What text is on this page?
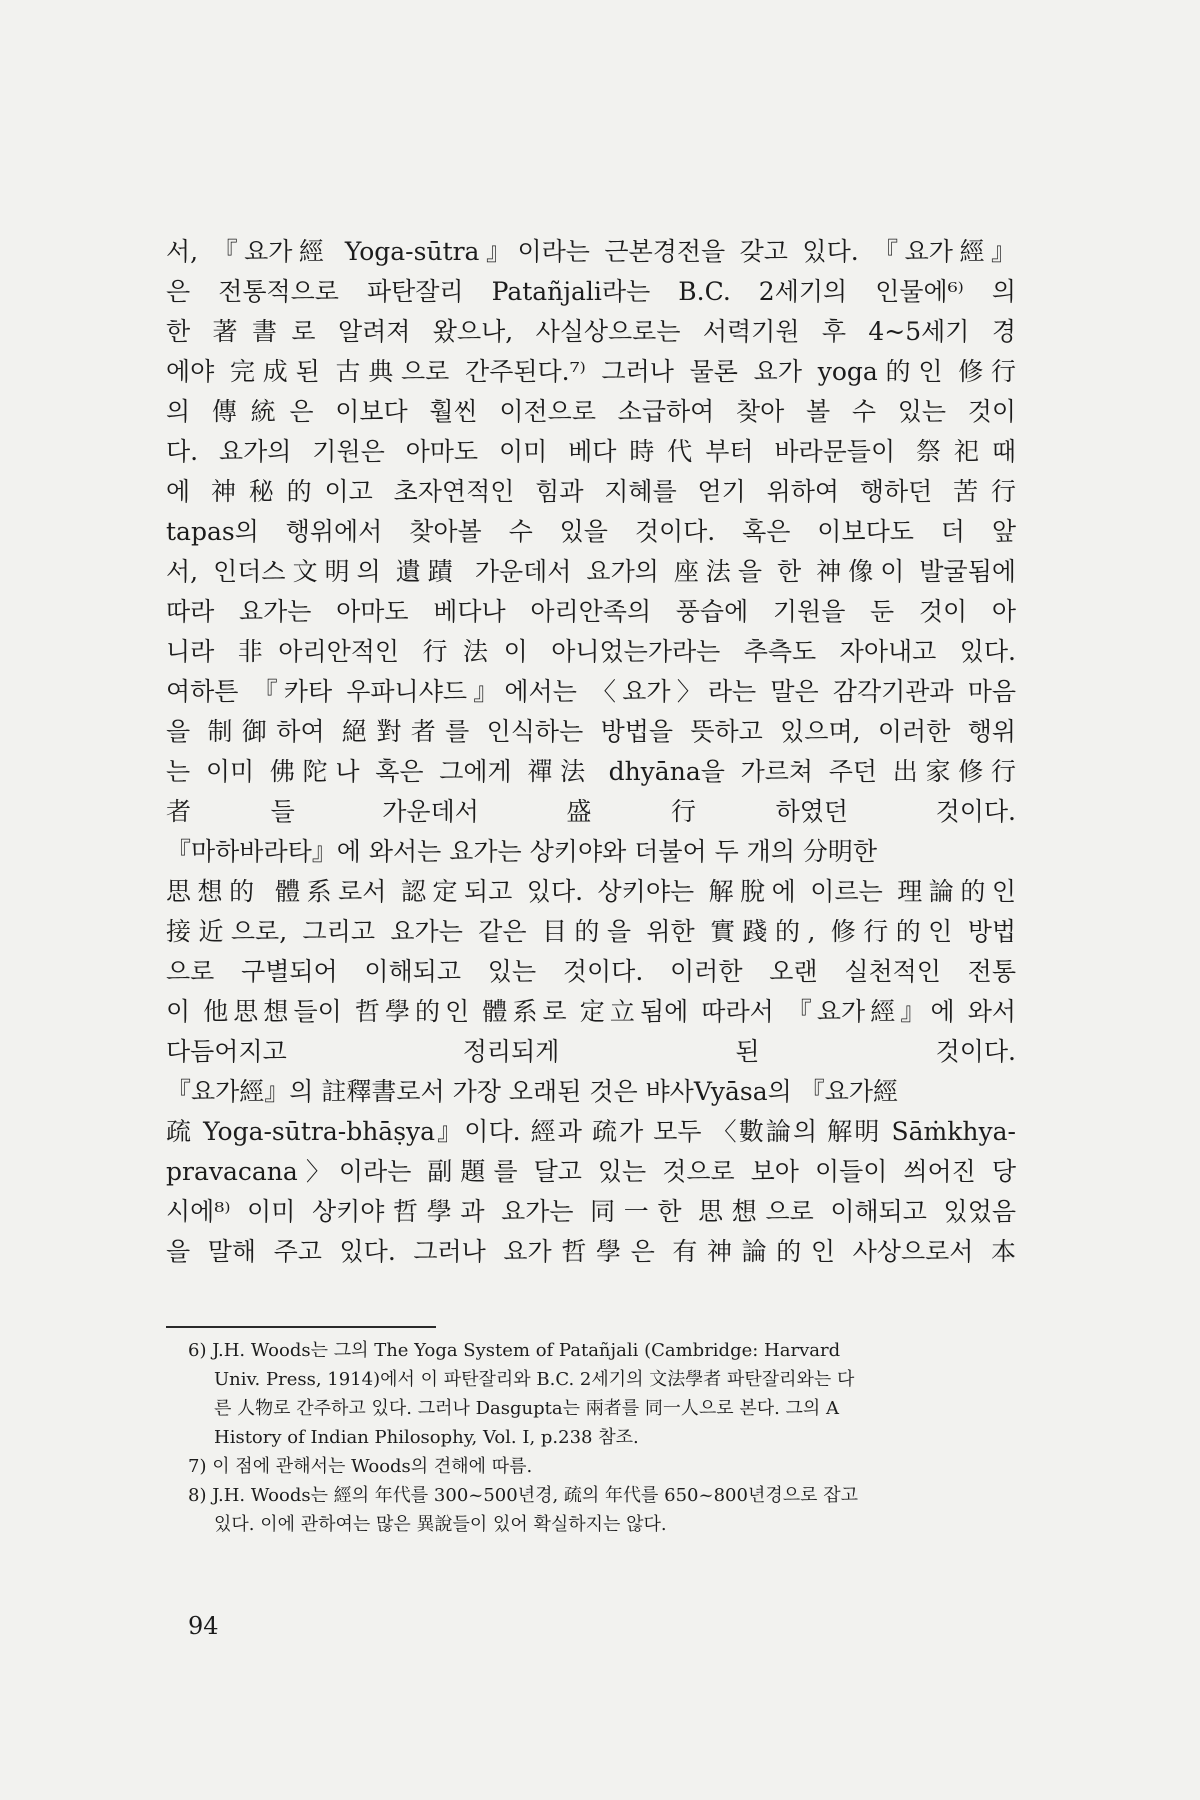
서, 『요가經 Yoga-sūtra』이라는 근본경전을 갖고 있다. 『요가經』
은 전통적으로 파탄잘리 Patañjali라는 B.C. 2세기의 인물에⁶⁾ 의
한 著書로 알려져 왔으나, 사실상으로는 서력기원 후 4~5세기 경
에야 完成된 古典으로 간주된다.⁷⁾ 그러나 물론 요가 yoga的인 修行
의 傳統은 이보다 훨씬 이전으로 소급하여 찾아 볼 수 있는 것이
다. 요가의 기원은 아마도 이미 베다時代부터 바라문들이 祭祀때
에 神秘的이고 초자연적인 힘과 지혜를 얻기 위하여 행하던 苦行
tapas의 행위에서 찾아볼 수 있을 것이다. 혹은 이보다도 더 앞
서, 인더스文明의 遺蹟 가운데서 요가의 座法을 한 神像이 발굴됨에
따라 요가는 아마도 베다나 아리안족의 풍습에 기원을 둔 것이 아
니라 非아리안적인 行法이 아니었는가라는 추측도 자아내고 있다.
여하튼 『카타 우파니샤드』에서는 〈요가〉라는 말은 감각기관과 마음
을 制御하여 絕對者를 인식하는 방법을 뜻하고 있으며, 이러한 행위
는 이미 佛陀나 혹은 그에게 禪法 dhyāna을 가르쳐 주던 出家修行
者들 가운데서 盛行하였던 것이다.
『마하바라타』에 와서는 요가는 상키야와 더불어 두 개의 分明한
思想的 體系로서 認定되고 있다. 상키야는 解脫에 이르는 理論的인
接近으로, 그리고 요가는 같은 目的을 위한 實踐的, 修行的인 방법
으로 구별되어 이해되고 있는 것이다. 이러한 오랜 실천적인 전통
이 他思想들이 哲學的인 體系로 定立됨에 따라서 『요가經』에 와서
다듬어지고 정리되게 된 것이다.
『요가經』의 註釋書로서 가장 오래된 것은 뱌사Vyāsa의 『요가經
疏 Yoga-sūtra-bhāṣya』이다. 經과 疏가 모두 〈數論의 解明 Sāṁkhya-
pravacana〉이라는 副題를 달고 있는 것으로 보아 이들이 씌어진 당
시에⁸⁾ 이미 상키야哲學과 요가는 同一한 思想으로 이해되고 있었음
을 말해 주고 있다. 그러나 요가哲學은 有神論的인 사상으로서 本
6) J.H. Woods는 그의 The Yoga System of Patañjali (Cambridge: Harvard
Univ. Press, 1914)에서 이 파탄잘리와 B.C. 2세기의 文法學者 파탄잘리와는 다
른 人物로 간주하고 있다. 그러나 Dasgupta는 兩者를 同一人으로 본다. 그의 A
History of Indian Philosophy, Vol. I, p.238 참조.
7) 이 점에 관해서는 Woods의 견해에 따름.
8) J.H. Woods는 經의 年代를 300~500년경, 疏의 年代를 650~800년경으로 잡고
있다. 이에 관하여는 많은 異說들이 있어 확실하지는 않다.
94
